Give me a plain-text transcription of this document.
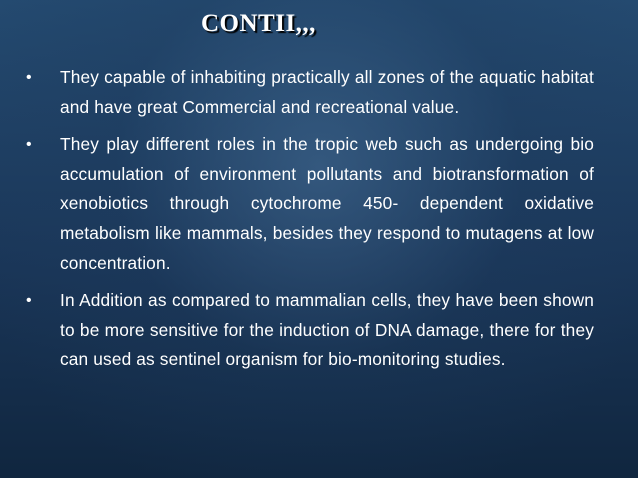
CONTII,,,
• They capable of inhabiting practically all zones of the aquatic habitat and have great Commercial and recreational value.
• They play different roles in the tropic web such as undergoing bio accumulation of environment pollutants and biotransformation of xenobiotics through cytochrome 450- dependent oxidative metabolism like mammals, besides they respond to mutagens at low concentration.
• In Addition as compared to mammalian cells, they have been shown to be more sensitive for the induction of DNA damage, there for they can used as sentinel organism for bio-monitoring studies.
